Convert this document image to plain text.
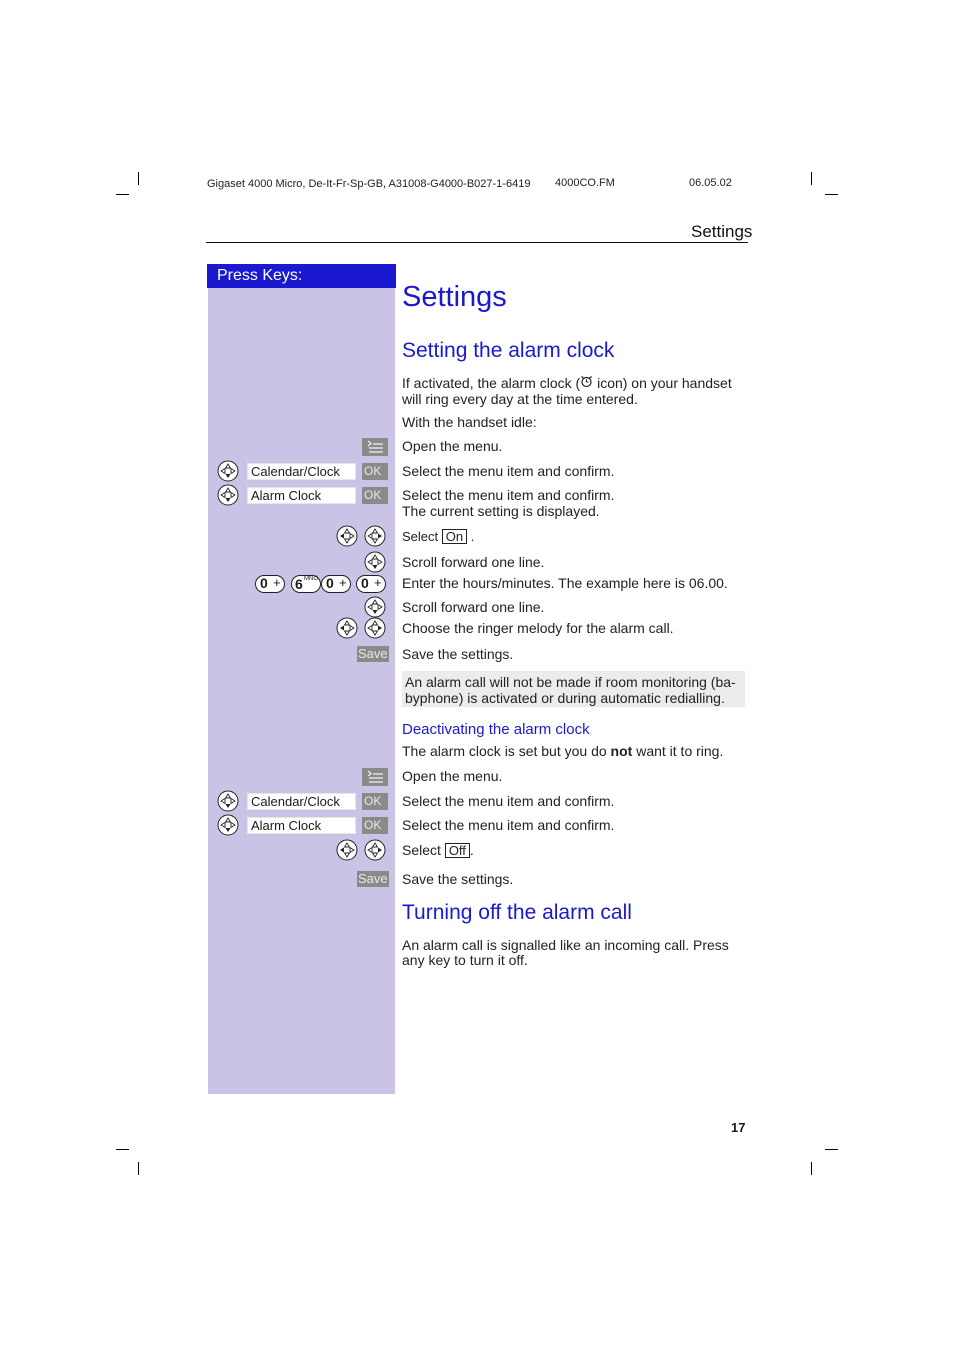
Gigaset 4000 Micro, De-It-Fr-Sp-GB, A31008-G4000-B027-1-6419 4000CO.FM	06.05.02
Settings
Press Keys:
Settings
Setting the alarm clock
If activated, the alarm clock ( icon) on your handset
will ring every day at the time entered.
With the handset idle:
Open the menu.
Calendar/Clock	OK	Select the menu item and confirm.
Alarm Clock	OK	Select the menu item and confirm.
The current setting is displayed.
Select On .
Scroll forward one line.
0 + 6 MNO 0 + 0 + Enter the hours/minutes. The example here is 06.00.
Scroll forward one line.
Choose the ringer melody for the alarm call.
Save Save the settings.
An alarm call will not be made if room monitoring (ba-
byphone) is activated or during automatic redialling.
Deactivating the alarm clock
The alarm clock is set but you do not want it to ring.
Open the menu.
Calendar/Clock	OK	Select the menu item and confirm.
Alarm Clock	OK	Select the menu item and confirm.
Select Off .
Save Save the settings.
Turning off the alarm call
An alarm call is signalled like an incoming call. Press
any key to turn it off.
17
